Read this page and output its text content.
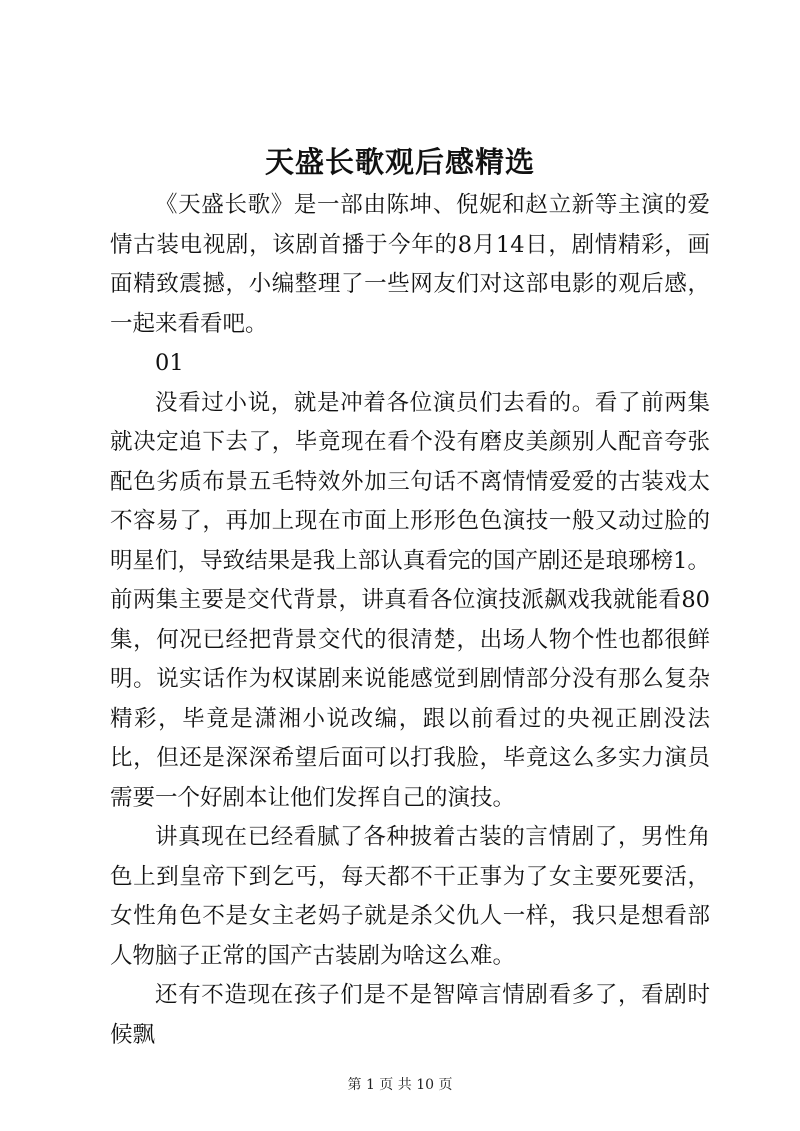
天盛长歌观后感精选

《天盛长歌》是一部由陈坤、倪妮和赵立新等主演的爱情古装电视剧，该剧首播于今年的8月14日，剧情精彩，画面精致震撼，小编整理了一些网友们对这部电影的观后感，一起来看看吧。

01

没看过小说，就是冲着各位演员们去看的。看了前两集就决定追下去了，毕竟现在看个没有磨皮美颜别人配音夸张配色劣质布景五毛特效外加三句话不离情情爱爱的古装戏太不容易了，再加上现在市面上形形色色演技一般又动过脸的明星们，导致结果是我上部认真看完的国产剧还是琅琊榜1。前两集主要是交代背景，讲真看各位演技派飙戏我就能看80集，何况已经把背景交代的很清楚，出场人物个性也都很鲜明。说实话作为权谋剧来说能感觉到剧情部分没有那么复杂精彩，毕竟是潇湘小说改编，跟以前看过的央视正剧没法比，但还是深深希望后面可以打我脸，毕竟这么多实力演员需要一个好剧本让他们发挥自己的演技。

讲真现在已经看腻了各种披着古装的言情剧了，男性角色上到皇帝下到乞丐，每天都不干正事为了女主要死要活，女性角色不是女主老妈子就是杀父仇人一样，我只是想看部人物脑子正常的国产古装剧为啥这么难。

还有不造现在孩子们是不是智障言情剧看多了，看剧时候飘

第 1 页 共 10 页
